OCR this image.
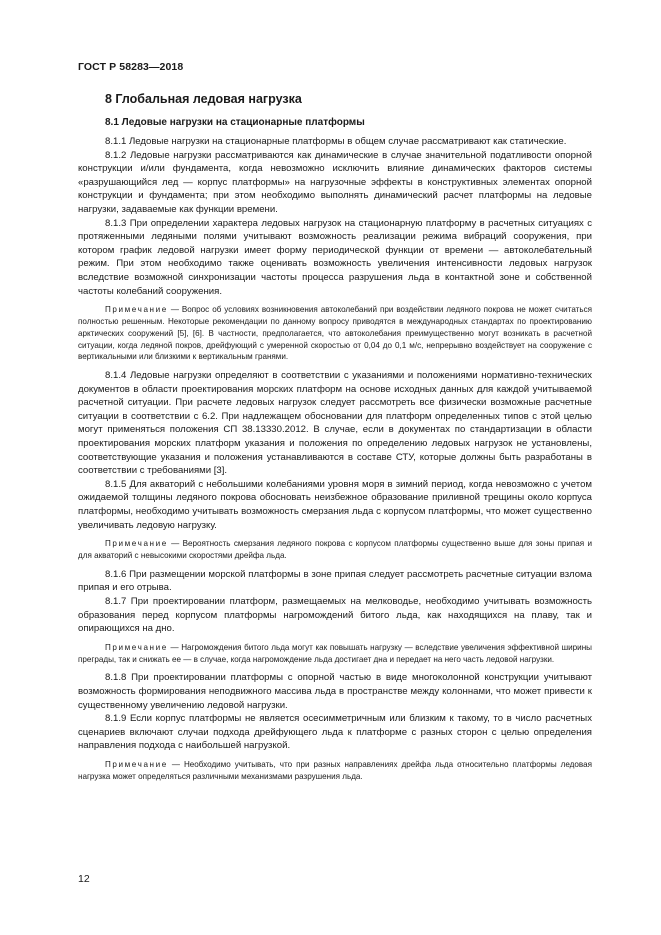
ГОСТ Р 58283—2018
8 Глобальная ледовая нагрузка
8.1 Ледовые нагрузки на стационарные платформы

8.1.1 Ледовые нагрузки на стационарные платформы в общем случае рассматривают как статические.

8.1.2 Ледовые нагрузки рассматриваются как динамические в случае значительной податливости опорной конструкции и/или фундамента, когда невозможно исключить влияние динамических факторов системы «разрушающийся лед — корпус платформы» на нагрузочные эффекты в конструктивных элементах опорной конструкции и фундамента; при этом необходимо выполнять динамический расчет платформы на ледовые нагрузки, задаваемые как функции времени.

8.1.3 При определении характера ледовых нагрузок на стационарную платформу в расчетных ситуациях с протяженными ледяными полями учитывают возможность реализации режима вибраций сооружения, при котором график ледовой нагрузки имеет форму периодической функции от времени — автоколебательный режим. При этом необходимо также оценивать возможность увеличения интенсивности ледовых нагрузок вследствие возможной синхронизации частоты процесса разрушения льда в контактной зоне и собственной частоты колебаний сооружения.

Примечание — Вопрос об условиях возникновения автоколебаний при воздействии ледяного покрова не может считаться полностью решенным. Некоторые рекомендации по данному вопросу приводятся в международных стандартах по проектированию арктических сооружений [5], [6]. В частности, предполагается, что автоколебания преимущественно могут возникать в расчетной ситуации, когда ледяной покров, дрейфующий с умеренной скоростью от 0,04 до 0,1 м/с, непрерывно воздействует на сооружение с вертикальными или близкими к вертикальным гранями.

8.1.4 Ледовые нагрузки определяют в соответствии с указаниями и положениями нормативно-технических документов в области проектирования морских платформ на основе исходных данных для каждой учитываемой расчетной ситуации. При расчете ледовых нагрузок следует рассмотреть все физически возможные расчетные ситуации в соответствии с 6.2. При надлежащем обосновании для платформ определенных типов с этой целью могут применяться положения СП 38.13330.2012. В случае, если в документах по стандартизации в области проектирования морских платформ указания и положения по определению ледовых нагрузок не установлены, соответствующие указания и положения устанавливаются в составе СТУ, которые должны быть разработаны в соответствии с требованиями [3].

8.1.5 Для акваторий с небольшими колебаниями уровня моря в зимний период, когда невозможно с учетом ожидаемой толщины ледяного покрова обосновать неизбежное образование приливной трещины около корпуса платформы, необходимо учитывать возможность смерзания льда с корпусом платформы, что может существенно увеличивать ледовую нагрузку.

Примечание — Вероятность смерзания ледяного покрова с корпусом платформы существенно выше для зоны припая и для акваторий с невысокими скоростями дрейфа льда.

8.1.6 При размещении морской платформы в зоне припая следует рассмотреть расчетные ситуации взлома припая и его отрыва.

8.1.7 При проектировании платформ, размещаемых на мелководье, необходимо учитывать возможность образования перед корпусом платформы нагромождений битого льда, как находящихся на плаву, так и опирающихся на дно.

Примечание — Нагромождения битого льда могут как повышать нагрузку — вследствие увеличения эффективной ширины преграды, так и снижать ее — в случае, когда нагромождение льда достигает дна и передает на него часть ледовой нагрузки.

8.1.8 При проектировании платформы с опорной частью в виде многоколонной конструкции учитывают возможность формирования неподвижного массива льда в пространстве между колоннами, что может привести к существенному увеличению ледовой нагрузки.

8.1.9 Если корпус платформы не является осесимметричным или близким к такому, то в число расчетных сценариев включают случаи подхода дрейфующего льда к платформе с разных сторон с целью определения направления подхода с наибольшей нагрузкой.

Примечание — Необходимо учитывать, что при разных направлениях дрейфа льда относительно платформы ледовая нагрузка может определяться различными механизмами разрушения льда.

12
